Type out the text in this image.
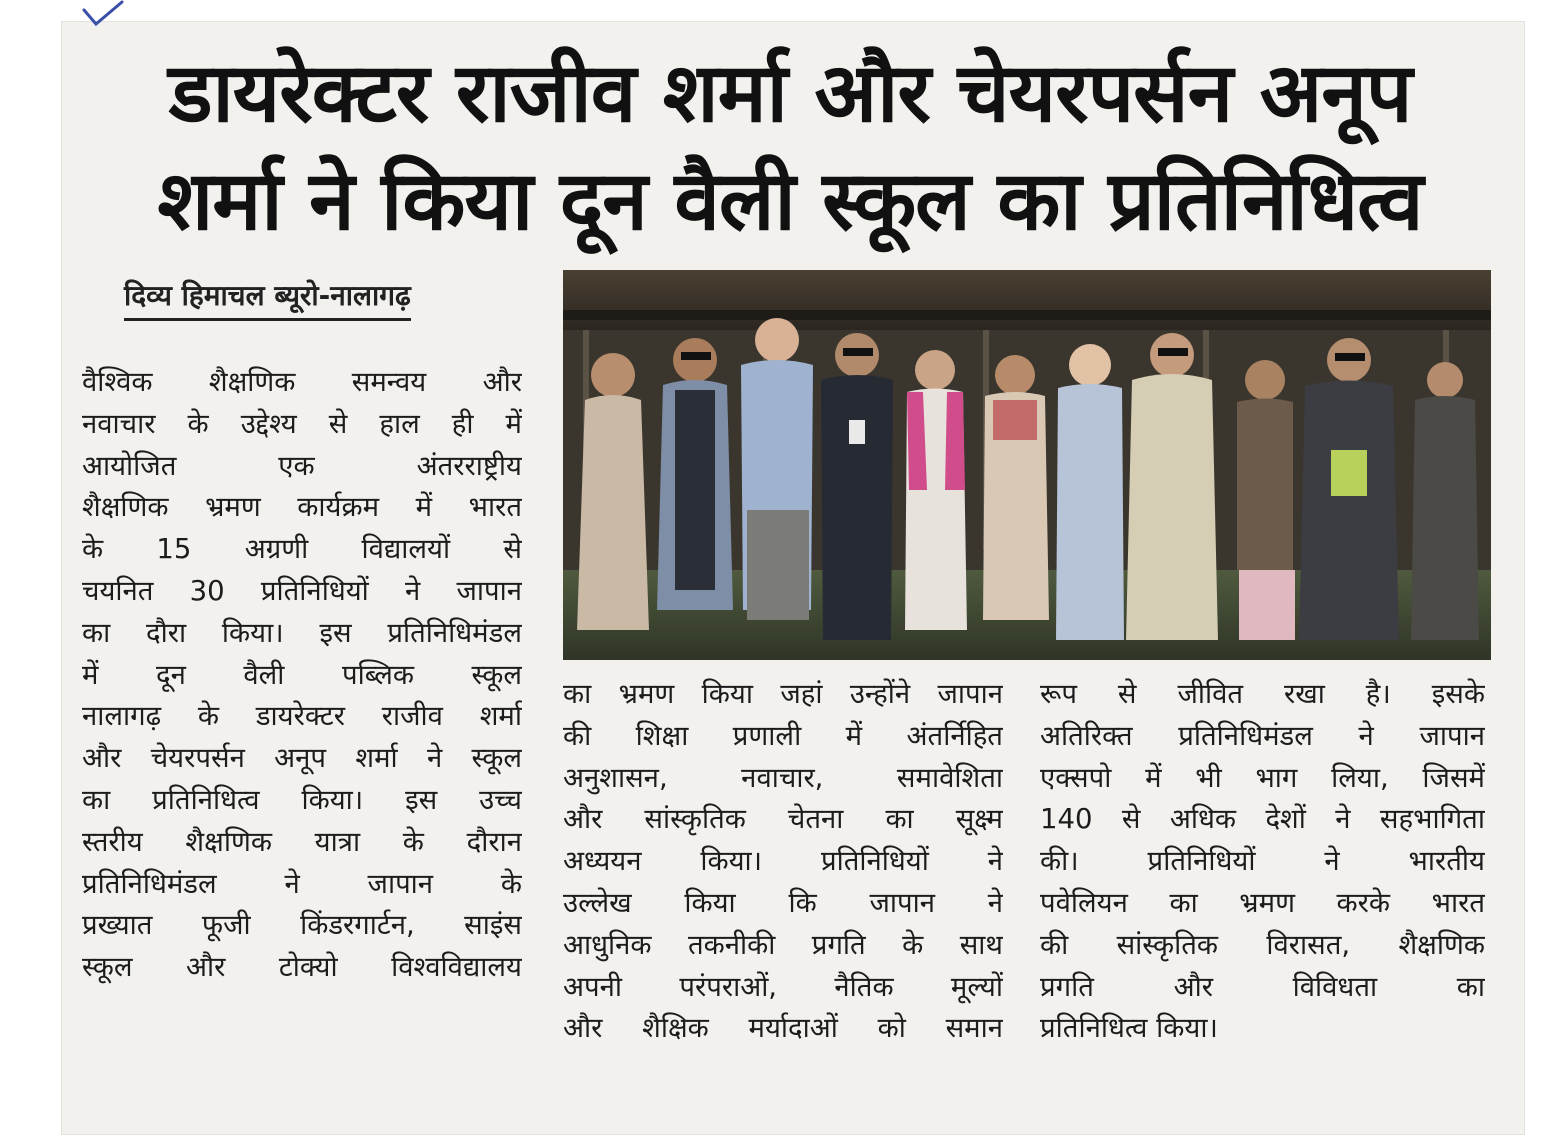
डायरेक्टर राजीव शर्मा और चेयरपर्सन अनूप
शर्मा ने किया दून वैली स्कूल का प्रतिनिधित्व

दिव्य हिमाचल ब्यूरो-नालागढ़

वैश्विक शैक्षणिक समन्वय और
नवाचार के उद्देश्य से हाल ही में
आयोजित एक अंतरराष्ट्रीय
शैक्षणिक भ्रमण कार्यक्रम में भारत
के 15 अग्रणी विद्यालयों से
चयनित 30 प्रतिनिधियों ने जापान
का दौरा किया। इस प्रतिनिधिमंडल
में दून वैली पब्लिक स्कूल
नालागढ़ के डायरेक्टर राजीव शर्मा
और चेयरपर्सन अनूप शर्मा ने स्कूल
का प्रतिनिधित्व किया। इस उच्च
स्तरीय शैक्षणिक यात्रा के दौरान
प्रतिनिधिमंडल ने जापान के
प्रख्यात फूजी किंडरगार्टन, साइंस
स्कूल और टोक्यो विश्वविद्यालय
का भ्रमण किया जहां उन्होंने जापान
की शिक्षा प्रणाली में अंतर्निहित
अनुशासन, नवाचार, समावेशिता
और सांस्कृतिक चेतना का सूक्ष्म
अध्ययन किया। प्रतिनिधियों ने
उल्लेख किया कि जापान ने
आधुनिक तकनीकी प्रगति के साथ
अपनी परंपराओं, नैतिक मूल्यों
और शैक्षिक मर्यादाओं को समान
रूप से जीवित रखा है। इसके
अतिरिक्त प्रतिनिधिमंडल ने जापान
एक्सपो में भी भाग लिया, जिसमें
140 से अधिक देशों ने सहभागिता
की। प्रतिनिधियों ने भारतीय
पवेलियन का भ्रमण करके भारत
की सांस्कृतिक विरासत, शैक्षणिक
प्रगति और विविधता का
प्रतिनिधित्व किया।
